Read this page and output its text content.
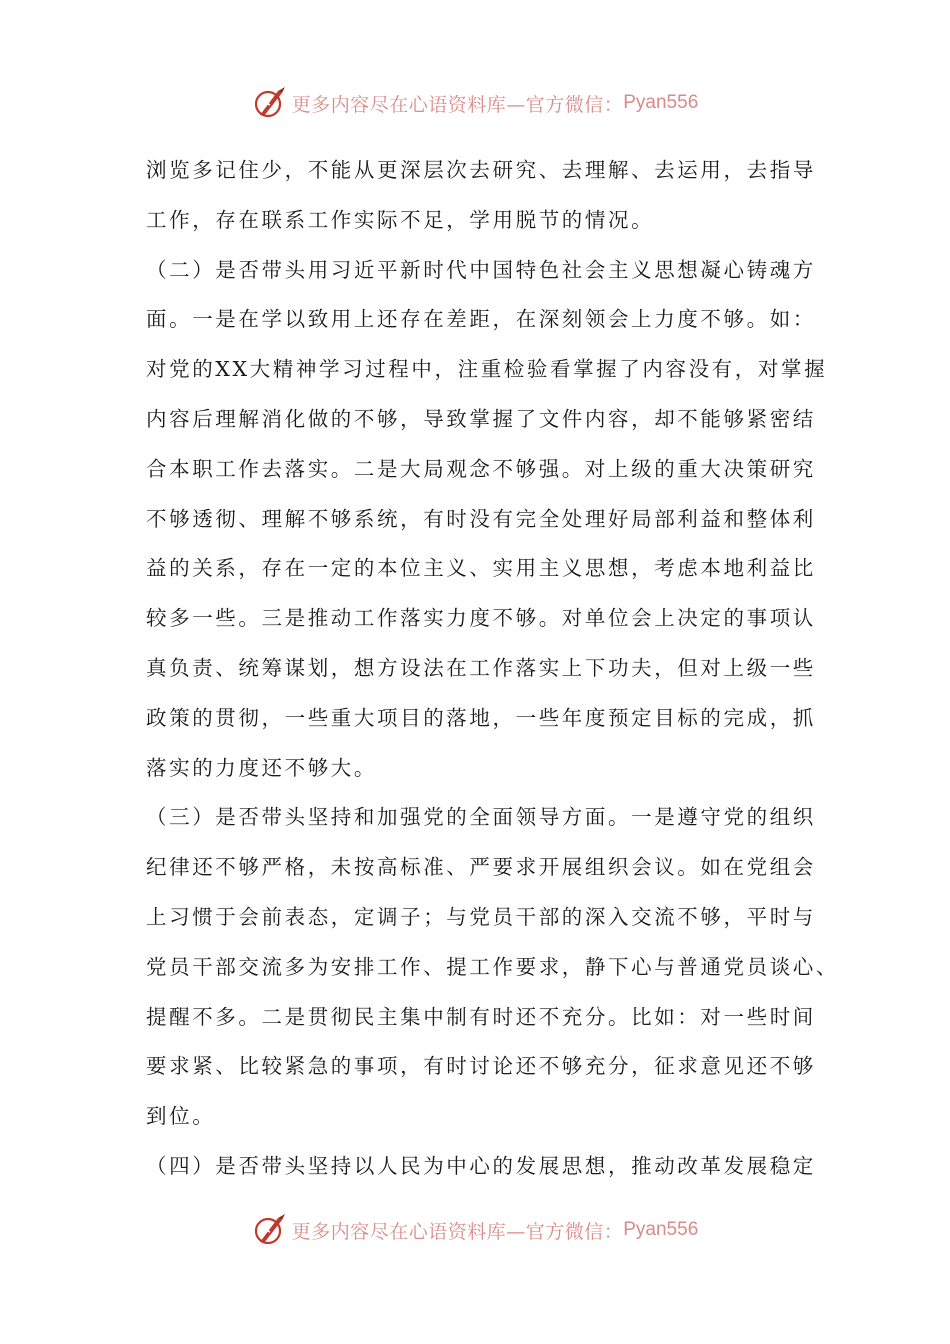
更多内容尽在心语资料库—官方微信： Pyan556
浏览多记住少，不能从更深层次去研究、去理解、去运用，去指导
工作，存在联系工作实际不足，学用脱节的情况。
（二）是否带头用习近平新时代中国特色社会主义思想凝心铸魂方
面。一是在学以致用上还存在差距，在深刻领会上力度不够。如：
对党的XX大精神学习过程中，注重检验看掌握了内容没有，对掌握
内容后理解消化做的不够，导致掌握了文件内容，却不能够紧密结
合本职工作去落实。二是大局观念不够强。对上级的重大决策研究
不够透彻、理解不够系统，有时没有完全处理好局部利益和整体利
益的关系，存在一定的本位主义、实用主义思想，考虑本地利益比
较多一些。三是推动工作落实力度不够。对单位会上决定的事项认
真负责、统筹谋划，想方设法在工作落实上下功夫，但对上级一些
政策的贯彻，一些重大项目的落地，一些年度预定目标的完成，抓
落实的力度还不够大。
（三）是否带头坚持和加强党的全面领导方面。一是遵守党的组织
纪律还不够严格，未按高标准、严要求开展组织会议。如在党组会
上习惯于会前表态，定调子；与党员干部的深入交流不够，平时与
党员干部交流多为安排工作、提工作要求，静下心与普通党员谈心、
提醒不多。二是贯彻民主集中制有时还不充分。比如：对一些时间
要求紧、比较紧急的事项，有时讨论还不够充分，征求意见还不够
到位。
（四）是否带头坚持以人民为中心的发展思想，推动改革发展稳定
更多内容尽在心语资料库—官方微信： Pyan556
